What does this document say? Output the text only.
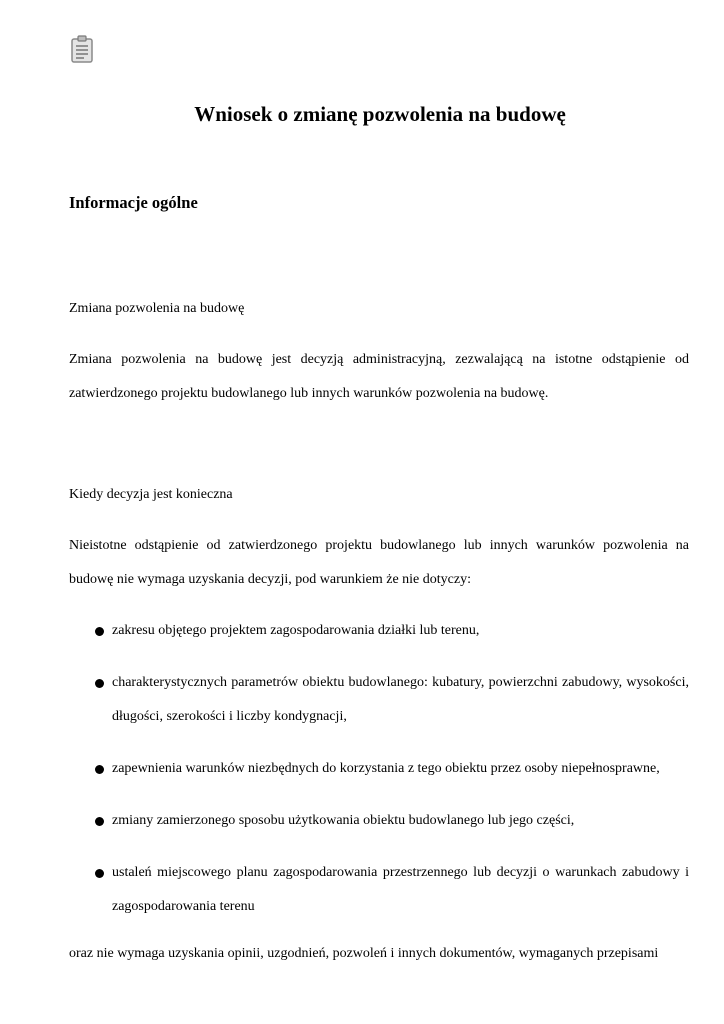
Wniosek o zmianę pozwolenia na budowę
Informacje ogólne

Zmiana pozwolenia na budowę

Zmiana pozwolenia na budowę jest decyzją administracyjną, zezwalającą na istotne odstąpienie od zatwierdzonego projektu budowlanego lub innych warunków pozwolenia na budowę.

Kiedy decyzja jest konieczna

Nieistotne odstąpienie od zatwierdzonego projektu budowlanego lub innych warunków pozwolenia na budowę nie wymaga uzyskania decyzji, pod warunkiem że nie dotyczy:

zakresu objętego projektem zagospodarowania działki lub terenu,
charakterystycznych parametrów obiektu budowlanego: kubatury, powierzchni zabudowy, wysokości, długości, szerokości i liczby kondygnacji,
zapewnienia warunków niezbędnych do korzystania z tego obiektu przez osoby niepełnosprawne,
zmiany zamierzonego sposobu użytkowania obiektu budowlanego lub jego części,
ustaleń miejscowego planu zagospodarowania przestrzennego lub decyzji o warunkach zabudowy i zagospodarowania terenu

oraz nie wymaga uzyskania opinii, uzgodnień, pozwoleń i innych dokumentów, wymaganych przepisami
